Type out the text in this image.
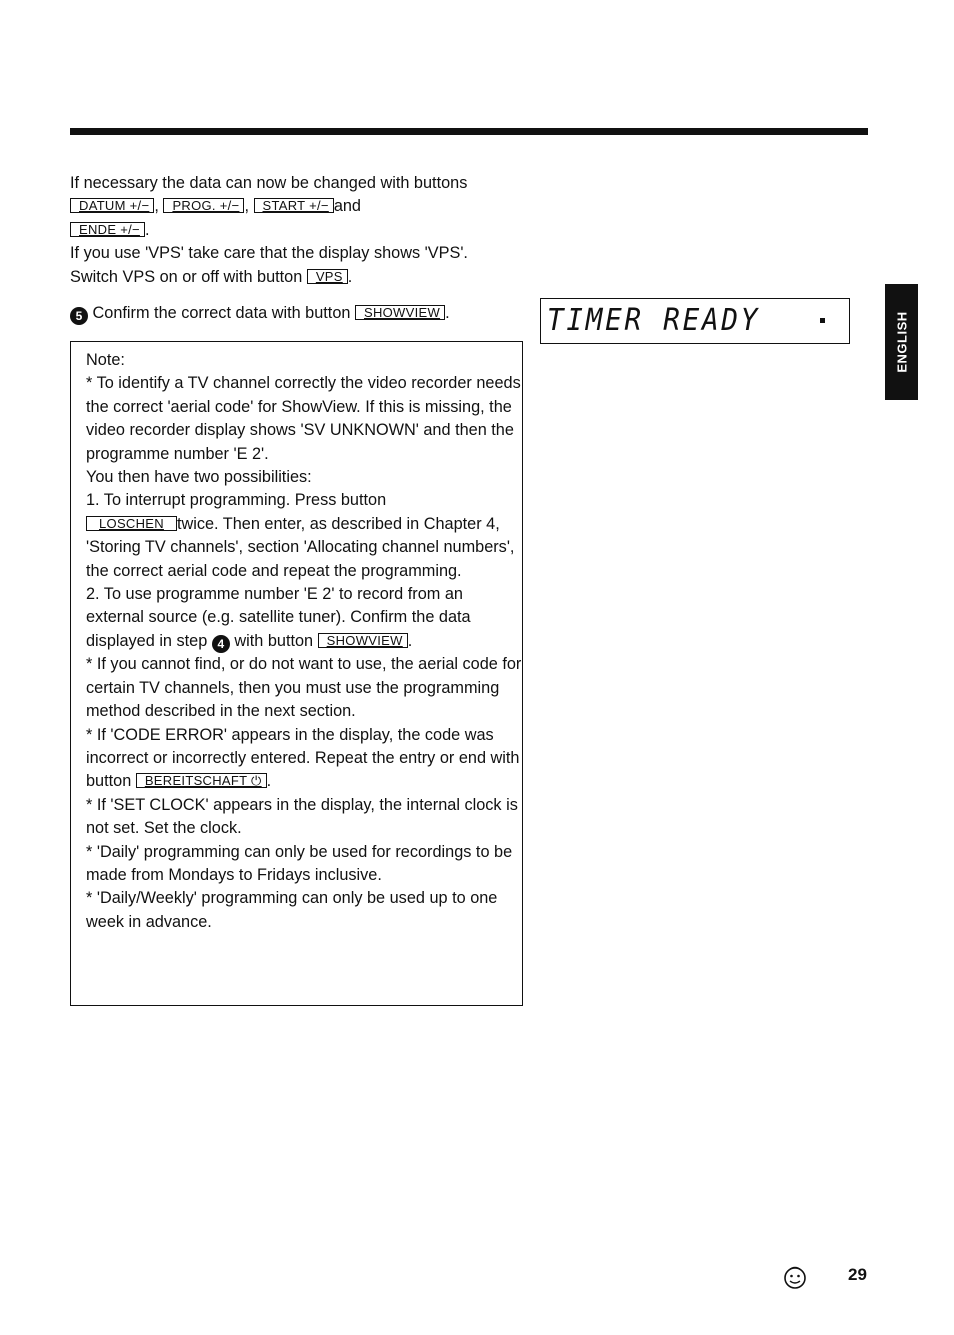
If necessary the data can now be changed with buttons

DATUM +/− , PROG. +/− , START +/− and

ENDE +/− .

If you use 'VPS' take care that the display shows 'VPS'.

Switch VPS on or off with button VPS .

5 Confirm the correct data with button SHOWVIEW .	TIMER READY

Note:

* To identify a TV channel correctly the video recorder needs the correct 'aerial code' for ShowView. If this is missing, the video recorder display shows 'SV UNKNOWN' and then the programme number 'E 2'.

You then have two possibilities:

1. To interrupt programming. Press button
LOSCHEN twice. Then enter, as described in Chapter 4, 'Storing TV channels', section 'Allocating channel numbers', the correct aerial code and repeat the programming.

2. To use programme number 'E 2' to record from an external source (e.g. satellite tuner). Confirm the data displayed in step 4 with button SHOWVIEW .

* If you cannot find, or do not want to use, the aerial code for certain TV channels, then you must use the programming method described in the next section.

* If 'CODE ERROR' appears in the display, the code was incorrect or incorrectly entered. Repeat the entry or end with button BEREITSCHAFT ⏻ .

* If 'SET CLOCK' appears in the display, the internal clock is not set. Set the clock.

* 'Daily' programming can only be used for recordings to be made from Mondays to Fridays inclusive.

* 'Daily/Weekly' programming can only be used up to one week in advance.

ENGLISH
29
